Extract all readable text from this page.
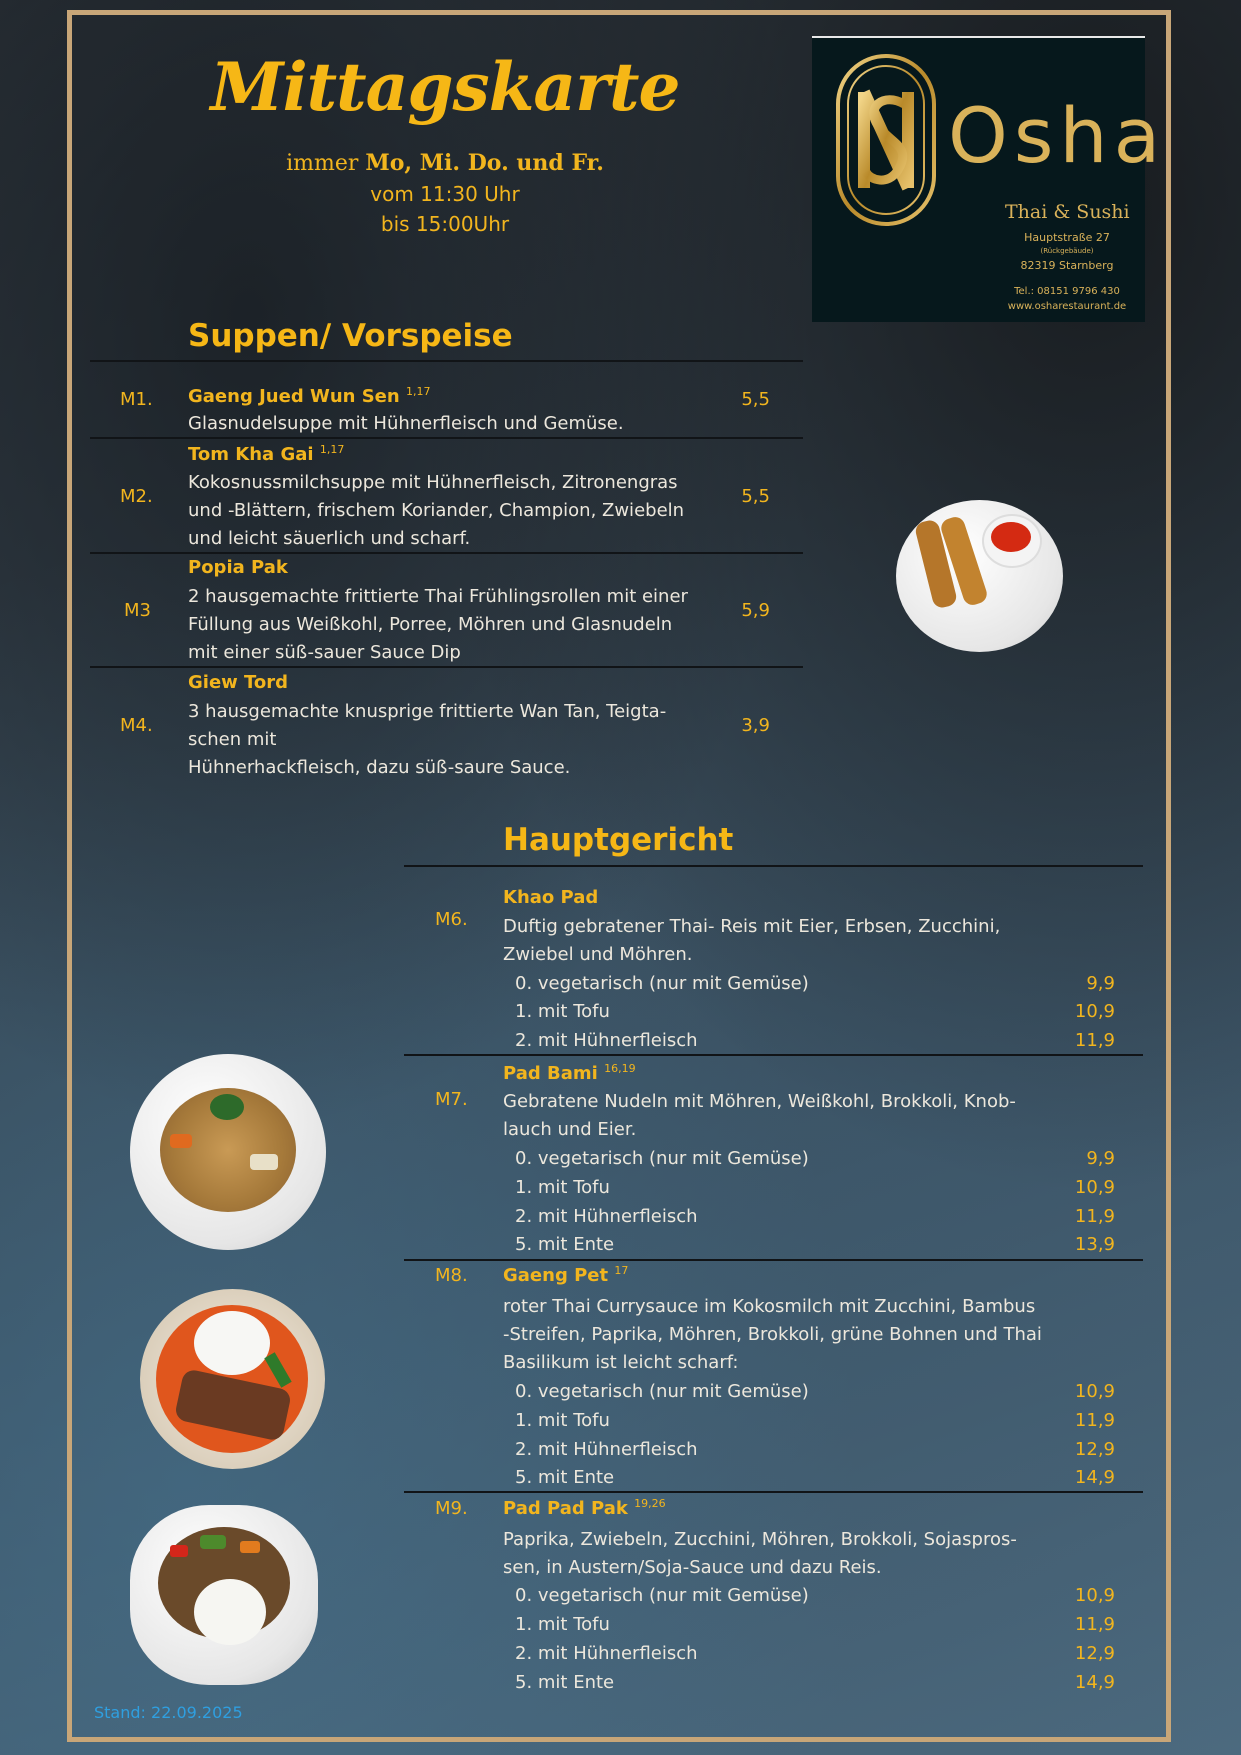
Mittagskarte
immer Mo, Mi. Do. und Fr.
vom 11:30 Uhr
bis 15:00Uhr
Osha
Thai & Sushi
Hauptstraße 27
(Rückgebäude)
82319 Starnberg
Tel.: 08151 9796 430
www.osharestaurant.de
Suppen/ Vorspeise
M1. Gaeng Jued Wun Sen $^{1,17}$
Glasnudelsuppe mit Hühnerfleisch und Gemüse.
5,5
M2.
Tom Kha Gai $^{1,17}$
Kokosnussmilchsuppe mit Hühnerfleisch, Zitronengras
und -Blättern, frischem Koriander, Champion, Zwiebeln
und leicht säuerlich und scharf.
5,5
M3
Popia Pak
2 hausgemachte frittierte Thai Frühlingsrollen mit einer
Füllung aus Weißkohl, Porree, Möhren und Glasnudeln
mit einer süß-sauer Sauce Dip
5,9
M4.
Giew Tord
3 hausgemachte knusprige frittierte Wan Tan, Teigta-
schen mit
Hühnerhackfleisch, dazu süß-saure Sauce.
3,9
Hauptgericht
M6.
Khao Pad
Duftig gebratener Thai- Reis mit Eier, Erbsen, Zucchini,
Zwiebel und Möhren.
0. vegetarisch (nur mit Gemüse)	9,9
1. mit Tofu	10,9
2. mit Hühnerfleisch	11,9
M7.
Pad Bami $^{16,19}$
Gebratene Nudeln mit Möhren, Weißkohl, Brokkoli, Knob-
lauch und Eier.
0. vegetarisch (nur mit Gemüse)	9,9
1. mit Tofu	10,9
2. mit Hühnerfleisch	11,9
5. mit Ente	13,9
M8. Gaeng Pet $^{17}$
roter Thai Currysauce im Kokosmilch mit Zucchini, Bambus
-Streifen, Paprika, Möhren, Brokkoli, grüne Bohnen und Thai
Basilikum ist leicht scharf:
0. vegetarisch (nur mit Gemüse)	10,9
1. mit Tofu	11,9
2. mit Hühnerfleisch	12,9
5. mit Ente	14,9
M9. Pad Pad Pak $^{19,26}$
Paprika, Zwiebeln, Zucchini, Möhren, Brokkoli, Sojaspros-
sen, in Austern/Soja-Sauce und dazu Reis.
0. vegetarisch (nur mit Gemüse)	10,9
1. mit Tofu	11,9
2. mit Hühnerfleisch	12,9
5. mit Ente	14,9
Stand: 22.09.2025
